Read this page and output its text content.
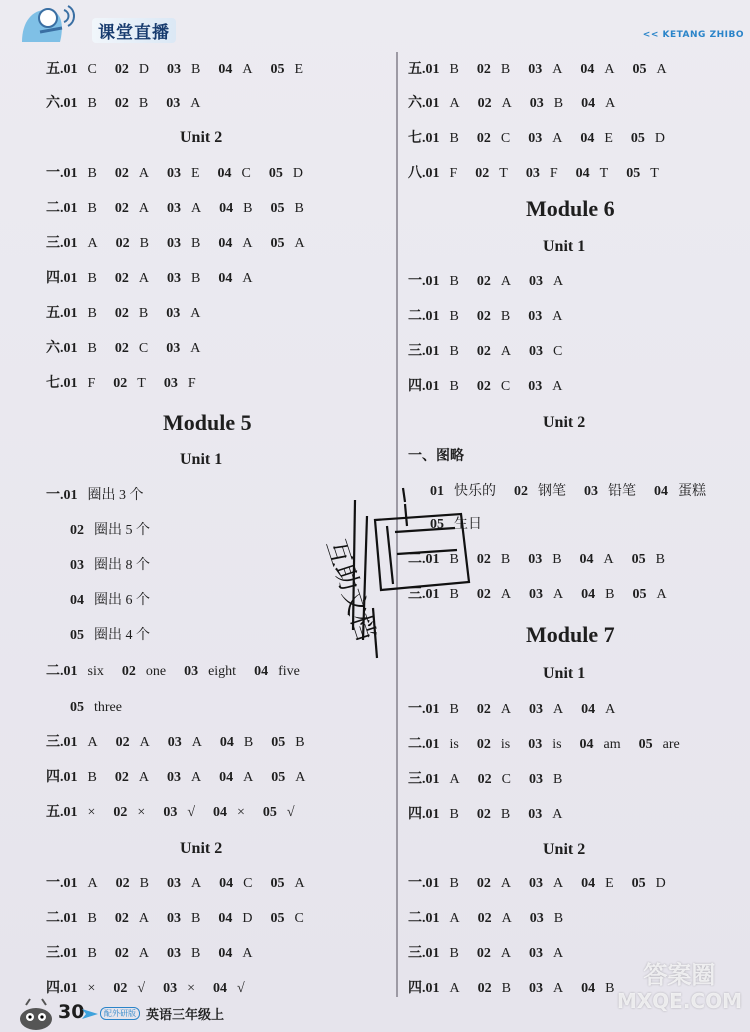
课堂直播	<< KETANG ZHIBO
五.01 C 02 D 03 B 04 A 05 E
六.01 B 02 B 03 A
Unit 2
一.01 B 02 A 03 E 04 C 05 D
二.01 B 02 A 03 A 04 B 05 B
三.01 A 02 B 03 B 04 A 05 A
四.01 B 02 A 03 B 04 A
五.01 B 02 B 03 A
六.01 B 02 C 03 A
七.01 F 02 T 03 F
Module 5
Unit 1
一.01 圈出 3 个
02 圈出 5 个
03 圈出 8 个
04 圈出 6 个
05 圈出 4 个
二.01 six 02 one 03 eight 04 five
05 three
三.01 A 02 A 03 A 04 B 05 B
四.01 B 02 A 03 A 04 A 05 A
五.01 × 02 × 03 √ 04 × 05 √
Unit 2
一.01 A 02 B 03 A 04 C 05 A
二.01 B 02 A 03 B 04 D 05 C
三.01 B 02 A 03 B 04 A
四.01 × 02 √ 03 × 04 √
五.01 B 02 B 03 A 04 A 05 A
六.01 A 02 A 03 B 04 A
七.01 B 02 C 03 A 04 E 05 D
八.01 F 02 T 03 F 04 T 05 T
Module 6
Unit 1
一.01 B 02 A 03 A
二.01 B 02 B 03 A
三.01 B 02 A 03 C
四.01 B 02 C 03 A
Unit 2
一、图略
01 快乐的 02 钢笔 03 铅笔 04 蛋糕
05 生日
二.01 B 02 B 03 B 04 A 05 B
三.01 B 02 A 03 A 04 B 05 A
Module 7
Unit 1
一.01 B 02 A 03 A 04 A
二.01 is 02 is 03 is 04 am 05 are
三.01 A 02 C 03 B
四.01 B 02 B 03 A
Unit 2
一.01 B 02 A 03 A 04 E 05 D
二.01 A 02 A 03 B
三.01 B 02 A 03 A
四.01 A 02 B 03 A 04 B
互助文档
答案圈
MXQE.COM
30	配外研版 英语三年级上
